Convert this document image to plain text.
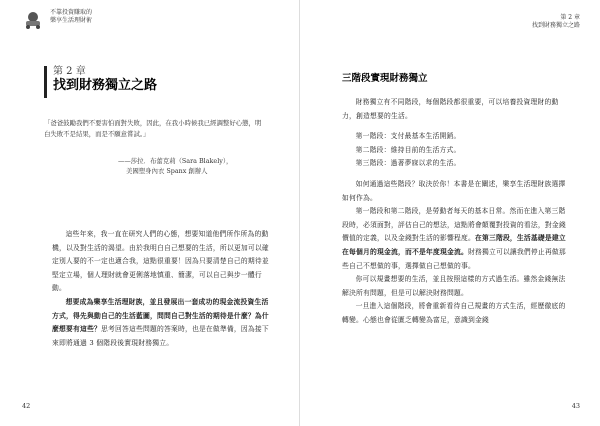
不靠投資賺取的
樂享生活理財術
第 2 章
找到財務獨立之路
「爸爸鼓勵我們不要害怕面對失敗，因此，在我小時候我已經調整好心態，明白失敗不是結果，而是不願意嘗試。」
——莎拉．布蕾克莉（Sara Blakely），
美國塑身內衣 Spanx 創辦人

這些年來，我一直在研究人們的心態，想要知道他們所作所為的動機，以及對生活的渴望。由於我明白自己想要的生活，所以更加可以確定別人要的不一定也適合我，這點很重要！因為只要清楚自己的期待並堅定立場，個人理財就會更俐落地慎重、簡潔，可以自己與步一體行動。

想要成為樂享生活理財族，並且發展出一套成功的現金流投資生活方式，得先與動自己的生活藍圖，問問自己對生活的期待是什麼？為什麼想要有這些？思考回答這些問題的答案時，也是在做準備，因為接下來即將通過 3 個階段後實現財務獨立。

42
第 2 章
找到財務獨立之路
三階段實現財務獨立

財務獨立有不同階段，每個階段都很重要，可以培養投資理財的動力，創造想要的生活。

第一階段：支付最基本生活開銷。

第二階段：維持目前的生活方式。

第三階段：過著夢寐以求的生活。

如何通過這些階段？取決於你！本書是在闡述，樂享生活理財族選擇如何作為。

第一階段和第二階段，是勞動者每天的基本日常。然而在進入第三階段時，必須面對，評估自己的想法，這點將會顛覆對投資的看法，對金錢價值的定義，以及金錢對生活的影響程度。在第三階段，生活基礎是建立在每個月的現金流，而不是年度現金流。財務獨立可以讓我們停止再做那些自己不想做的事，選擇做自己想做的事。

你可以規畫想要的生活，並且按照這樣的方式過生活。雖然金錢無法解決所有問題，但是可以解決財務問題。

一旦進入這個階段，將會重新看待自己規畫的方式生活，經歷徹底的轉變。心態也會從匱乏轉變為富足，意識到金錢

43
